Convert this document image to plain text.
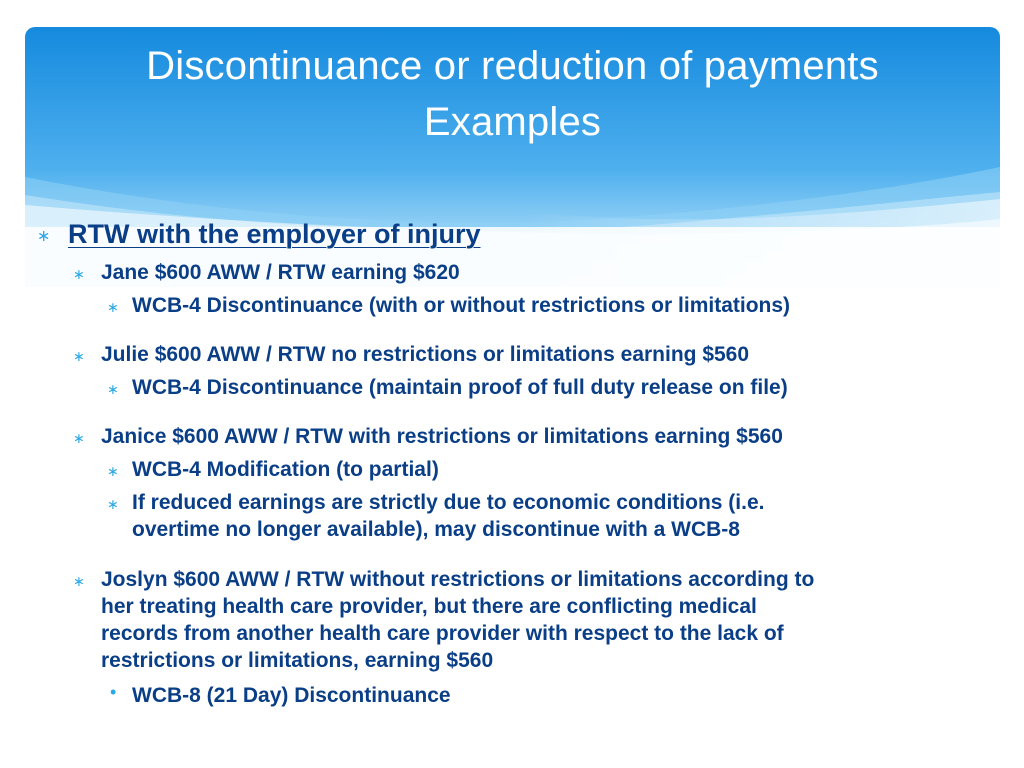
Discontinuance or reduction of payments
Examples
∗ RTW with the employer of injury
∗ Jane $600 AWW / RTW earning $620
∗ WCB-4 Discontinuance (with or without restrictions or limitations)
∗ Julie $600 AWW / RTW no restrictions or limitations earning $560
∗ WCB-4 Discontinuance (maintain proof of full duty release on file)
∗ Janice $600 AWW / RTW with restrictions or limitations earning $560
∗ WCB-4 Modification (to partial)
∗ If reduced earnings are strictly due to economic conditions (i.e.
overtime no longer available), may discontinue with a WCB-8
∗ Joslyn $600 AWW / RTW without restrictions or limitations according to
her treating health care provider, but there are conflicting medical
records from another health care provider with respect to the lack of
restrictions or limitations, earning $560
• WCB-8 (21 Day) Discontinuance
